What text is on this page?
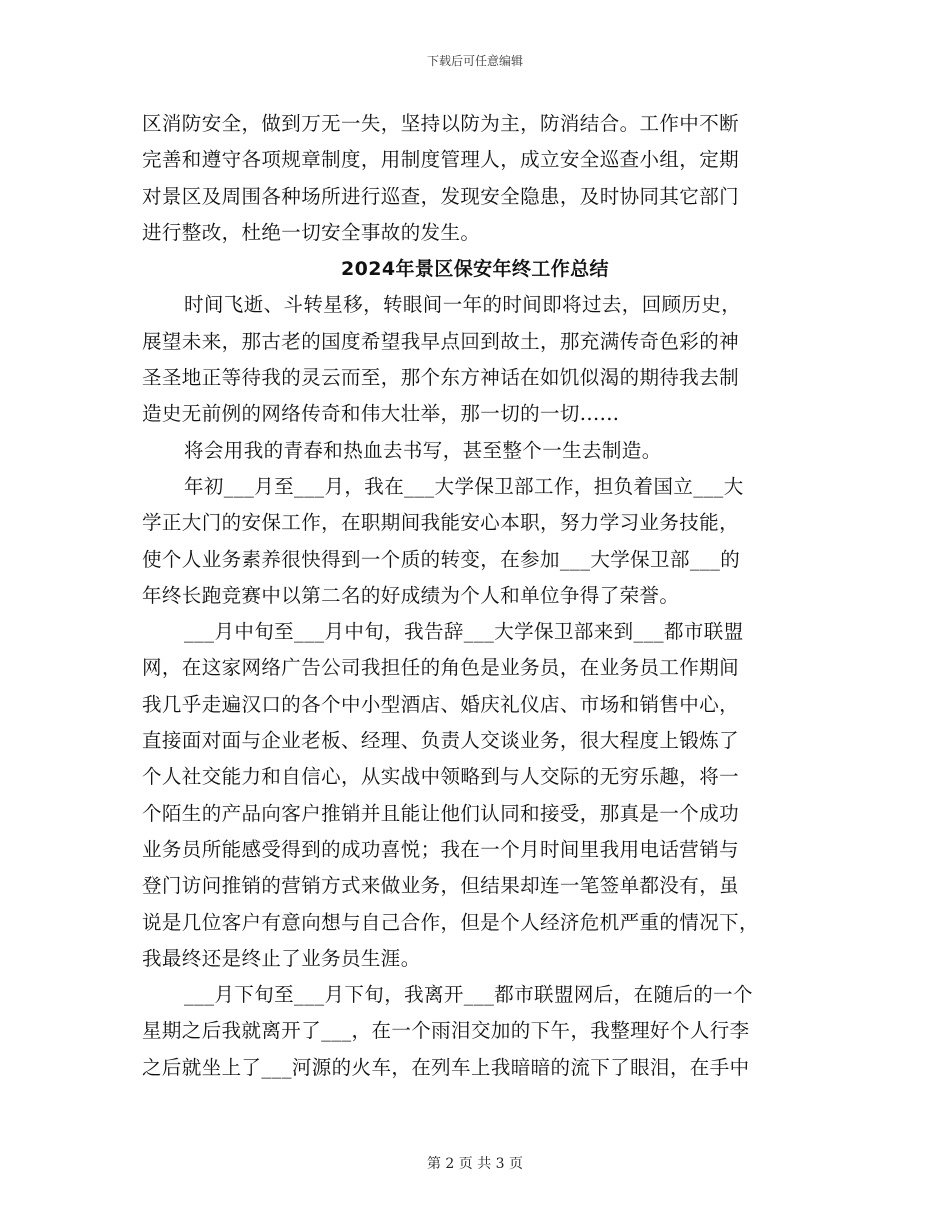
下载后可任意编辑
区消防安全，做到万无一失，坚持以防为主，防消结合。工作中不断
完善和遵守各项规章制度，用制度管理人，成立安全巡查小组，定期
对景区及周围各种场所进行巡查，发现安全隐患，及时协同其它部门
进行整改，杜绝一切安全事故的发生。
2024年景区保安年终工作总结
时间飞逝、斗转星移，转眼间一年的时间即将过去，回顾历史，
展望未来，那古老的国度希望我早点回到故土，那充满传奇色彩的神
圣圣地正等待我的灵云而至，那个东方神话在如饥似渴的期待我去制
造史无前例的网络传奇和伟大壮举，那一切的一切......
将会用我的青春和热血去书写，甚至整个一生去制造。
年初___月至___月，我在___大学保卫部工作，担负着国立___大
学正大门的安保工作，在职期间我能安心本职，努力学习业务技能，
使个人业务素养很快得到一个质的转变，在参加___大学保卫部___的
年终长跑竞赛中以第二名的好成绩为个人和单位争得了荣誉。
___月中旬至___月中旬，我告辞___大学保卫部来到___都市联盟
网，在这家网络广告公司我担任的角色是业务员，在业务员工作期间
我几乎走遍汉口的各个中小型酒店、婚庆礼仪店、市场和销售中心，
直接面对面与企业老板、经理、负责人交谈业务，很大程度上锻炼了
个人社交能力和自信心，从实战中领略到与人交际的无穷乐趣，将一
个陌生的产品向客户推销并且能让他们认同和接受，那真是一个成功
业务员所能感受得到的成功喜悦；我在一个月时间里我用电话营销与
登门访问推销的营销方式来做业务，但结果却连一笔签单都没有，虽
说是几位客户有意向想与自己合作，但是个人经济危机严重的情况下，
我最终还是终止了业务员生涯。
___月下旬至___月下旬，我离开___都市联盟网后，在随后的一个
星期之后我就离开了___，在一个雨泪交加的下午，我整理好个人行李
之后就坐上了___河源的火车，在列车上我暗暗的流下了眼泪，在手中
第 2 页 共 3 页
